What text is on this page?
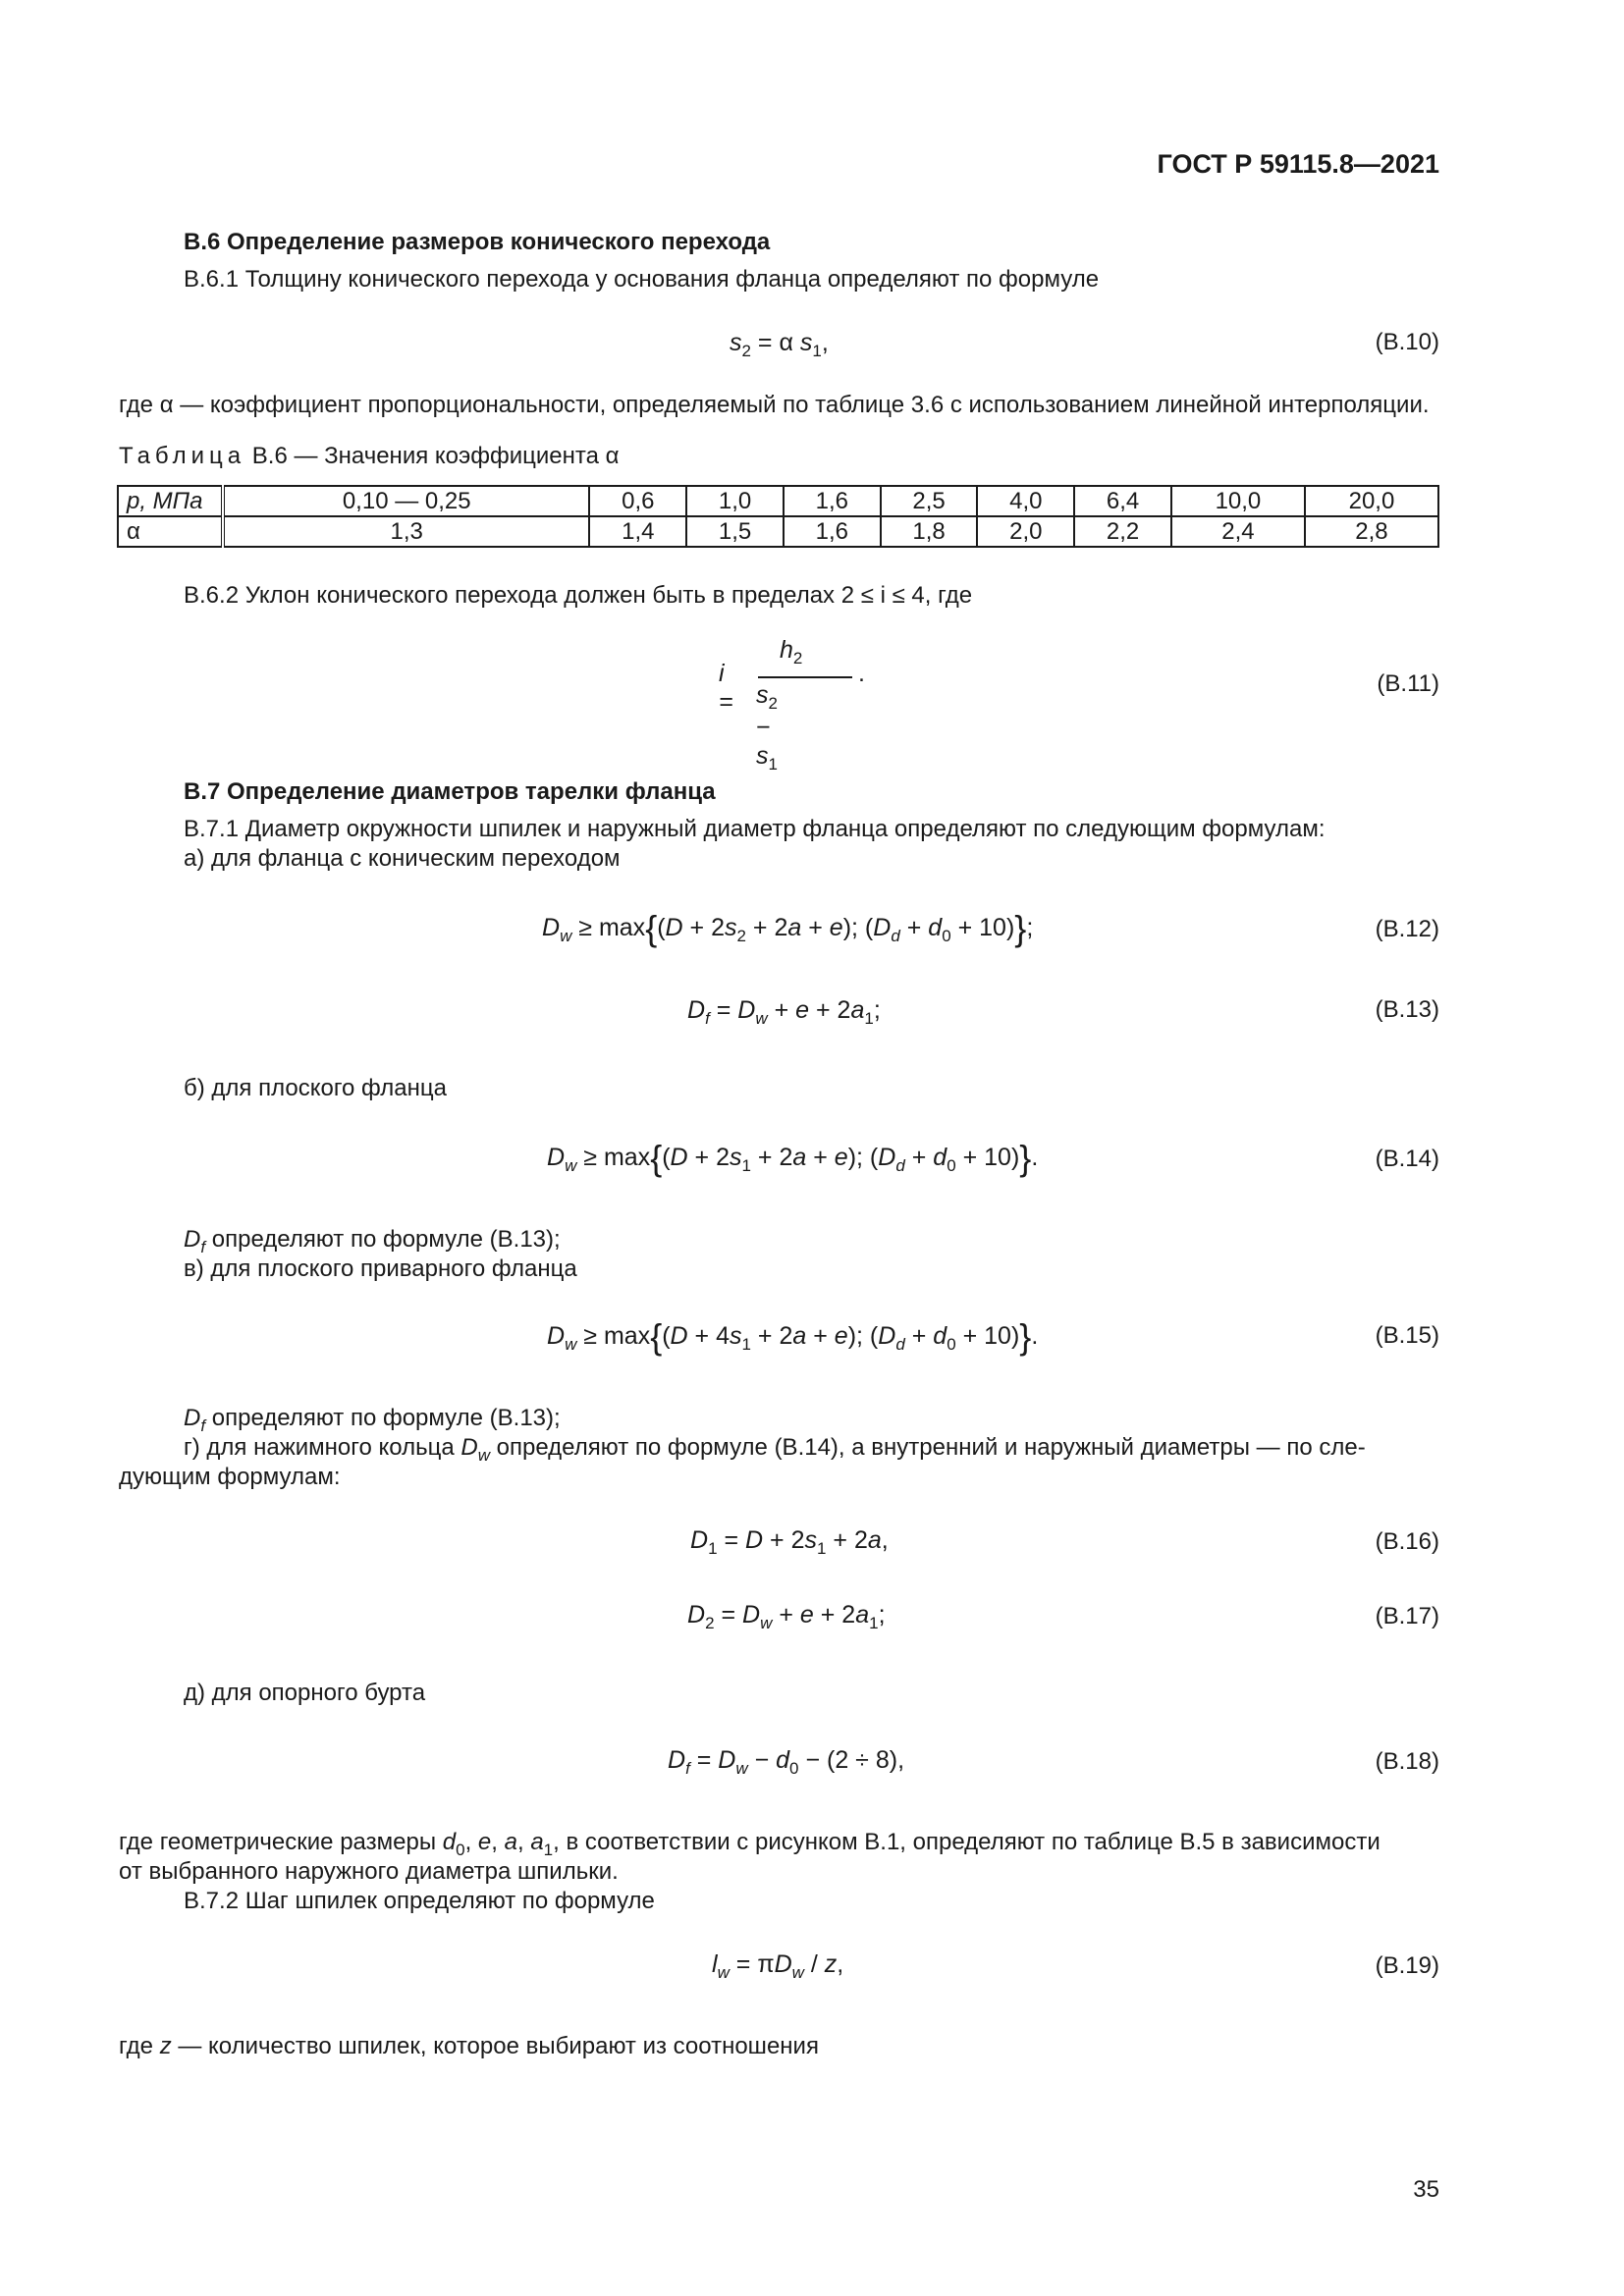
ГОСТ Р 59115.8—2021
В.6 Определение размеров конического перехода
В.6.1 Толщину конического перехода у основания фланца определяют по формуле
$s_2 = \alpha$ $s_1$,	(В.10)
где α — коэффициент пропорциональности, определяемый по таблице 3.6 с использованием линейной интерполяции.
Таблица В.6 — Значения коэффициента α
p, МПа	0,10 — 0,25	0,6	1,0	1,6	2,5	4,0	6,4	10,0	20,0
α	1,3	1,4	1,5	1,6	1,8	2,0	2,2	2,4	2,8
В.6.2 Уклон конического перехода должен быть в пределах 2 ≤ i ≤ 4, где
i =
$h_2$
$s_2 - s_1$
.	(В.11)
В.7 Определение диаметров тарелки фланца
В.7.1 Диаметр окружности шпилек и наружный диаметр фланца определяют по следующим формулам:
а) для фланца с коническим переходом
$D_w \ge \max\{(D + 2s_2 + 2a + e)$; $(D_d + d_0 + 10)$};	(В.12)
$D_f = D_w + e + 2a_1$;	(В.13)
б) для плоского фланца
$D_w \ge \max\{(D + 2s_1 + 2a + e)$; $(D_d + d_0 + 10)$}.	(В.14)
$D_f$ определяют по формуле (В.13);
в) для плоского приварного фланца
$D_w \ge \max\{(D + 4s_1 + 2a + e)$; $(D_d + d_0 + 10)$}.	(В.15)
$D_f$ определяют по формуле (В.13);
г) для нажимного кольца $D_w$ определяют по формуле (В.14), а внутренний и наружный диаметры — по сле-
дующим формулам:
$D_1 = D + 2s_1 + 2a$,	(В.16)
$D_2 = D_w + e + 2a_1$;	(В.17)
д) для опорного бурта
$D_f = D_w - d_0 - (2 \div 8)$,	(В.18)
где геометрические размеры $d_0$, e, a, $a_1$, в соответствии с рисунком В.1, определяют по таблице В.5 в зависимости
от выбранного наружного диаметра шпильки.
В.7.2 Шаг шпилек определяют по формуле
$l_w = \pi D_w / z$,	(В.19)
где z — количество шпилек, которое выбирают из соотношения
35
